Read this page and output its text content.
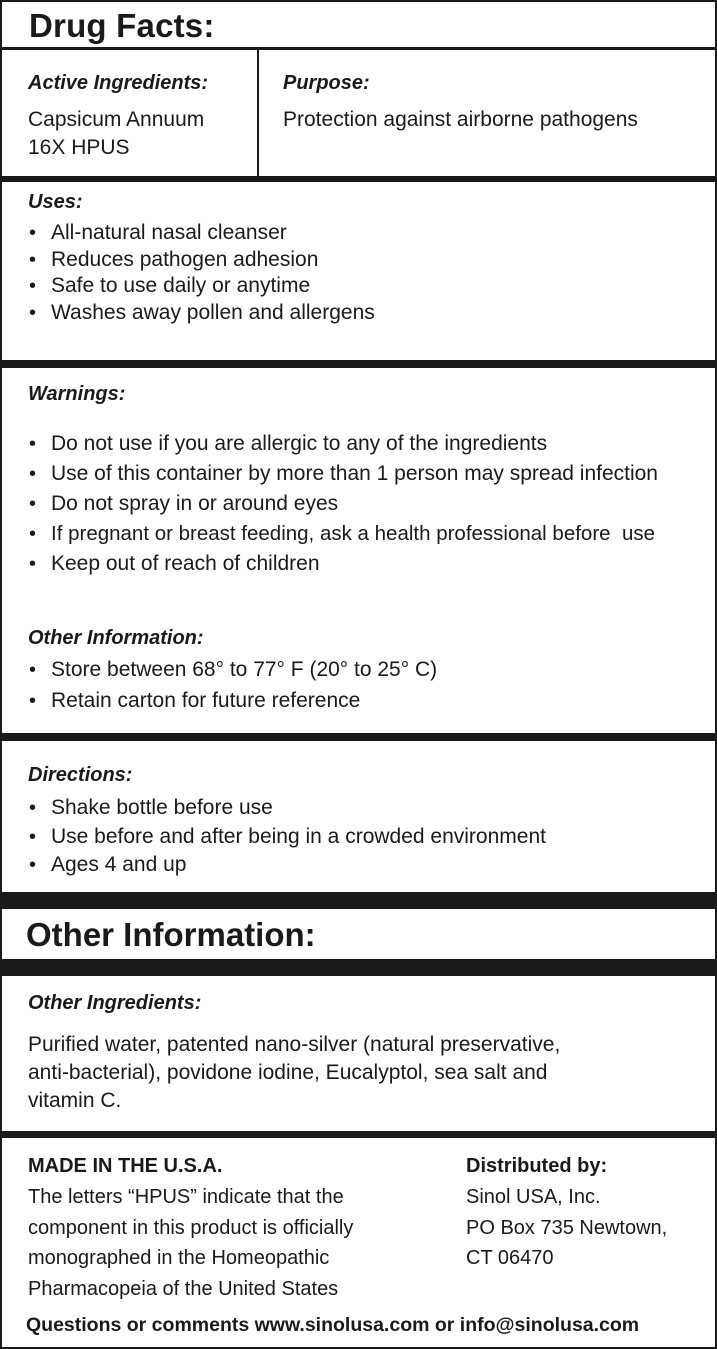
Drug Facts:
Active Ingredients:
Capsicum Annuum
16X HPUS
Purpose:
Protection against airborne pathogens
Uses:
• All-natural nasal cleanser
• Reduces pathogen adhesion
• Safe to use daily or anytime
• Washes away pollen and allergens
Warnings:
• Do not use if you are allergic to any of the ingredients
• Use of this container by more than 1 person may spread infection
• Do not spray in or around eyes
• If pregnant or breast feeding, ask a health professional before  use
• Keep out of reach of children
Other Information:
• Store between 68° to 77° F (20° to 25° C)
• Retain carton for future reference
Directions:
• Shake bottle before use
• Use before and after being in a crowded environment
• Ages 4 and up
Other Information:
Other Ingredients:
Purified water, patented nano-silver (natural preservative,
anti-bacterial), povidone iodine, Eucalyptol, sea salt and
vitamin C.
MADE IN THE U.S.A.
The letters “HPUS” indicate that the
component in this product is officially
monographed in the Homeopathic
Pharmacopeia of the United States
Distributed by:
Sinol USA, Inc.
PO Box 735 Newtown,
CT 06470
Questions or comments www.sinolusa.com or info@sinolusa.com
